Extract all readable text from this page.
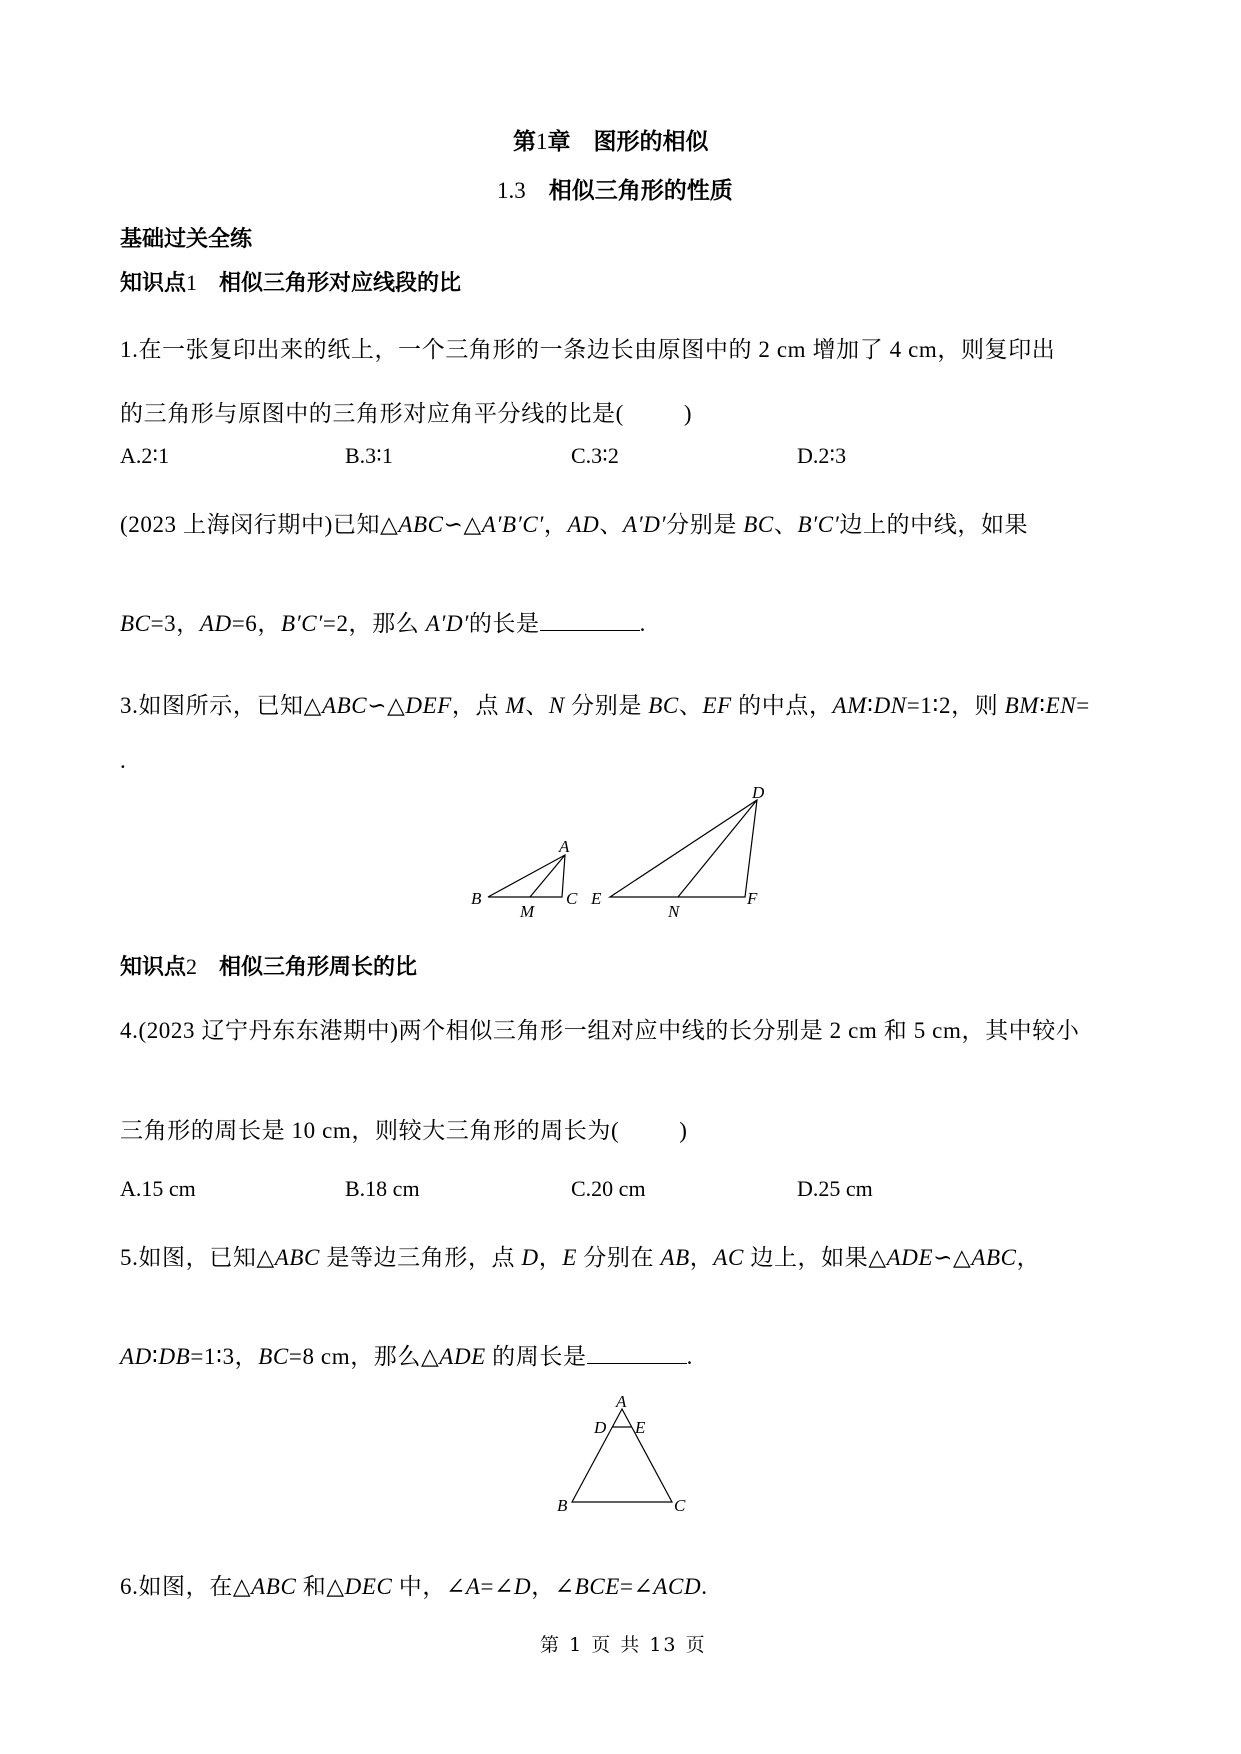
第1章　图形的相似
1.3　相似三角形的性质
基础过关全练
知识点1　相似三角形对应线段的比
1.在一张复印出来的纸上，一个三角形的一条边长由原图中的 2 cm 增加了 4 cm，则复印出
的三角形与原图中的三角形对应角平分线的比是(	)
A.2∶1	B.3∶1	C.3∶2	D.2∶3
(2023 上海闵行期中)已知△ABC∽△A′B′C′，AD、A′D′分别是 BC、B′C′边上的中线，如果
BC=3，AD=6，B′C′=2，那么 A′D′的长是	.
3.如图所示，已知△ABC∽△DEF，点 M、N 分别是 BC、EF 的中点，AM∶DN=1∶2，则 BM∶EN=
.
A
B	C
M
D
E	F
N
知识点2　相似三角形周长的比
4.(2023 辽宁丹东东港期中)两个相似三角形一组对应中线的长分别是 2 cm 和 5 cm，其中较小
三角形的周长是 10 cm，则较大三角形的周长为(	)
A.15 cm	B.18 cm	C.20 cm	D.25 cm
5.如图，已知△ABC 是等边三角形，点 D，E 分别在 AB，AC 边上，如果△ADE∽△ABC，
AD∶DB=1∶3，BC=8 cm，那么△ADE 的周长是	.
A
D E
B	C
6.如图，在△ABC 和△DEC 中，∠A=∠D，∠BCE=∠ACD.
第 1 页 共 13 页
